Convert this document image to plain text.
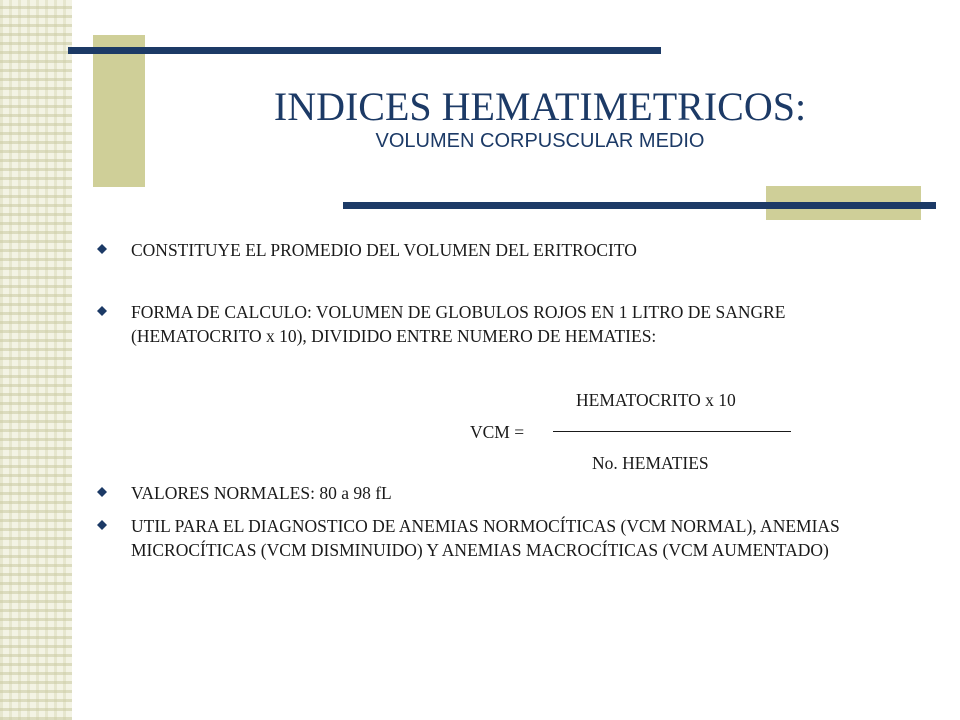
INDICES HEMATIMETRICOS:
VOLUMEN CORPUSCULAR MEDIO
CONSTITUYE EL PROMEDIO DEL VOLUMEN DEL ERITROCITO
FORMA DE CALCULO: VOLUMEN DE GLOBULOS ROJOS EN 1 LITRO DE SANGRE (HEMATOCRITO x 10), DIVIDIDO ENTRE NUMERO DE HEMATIES:
HEMATOCRITO x 10
VCM =
No. HEMATIES
VALORES NORMALES: 80 a 98 fL
UTIL PARA EL DIAGNOSTICO DE ANEMIAS NORMOCÍTICAS (VCM NORMAL), ANEMIAS MICROCÍTICAS (VCM DISMINUIDO) Y ANEMIAS MACROCÍTICAS (VCM AUMENTADO)
